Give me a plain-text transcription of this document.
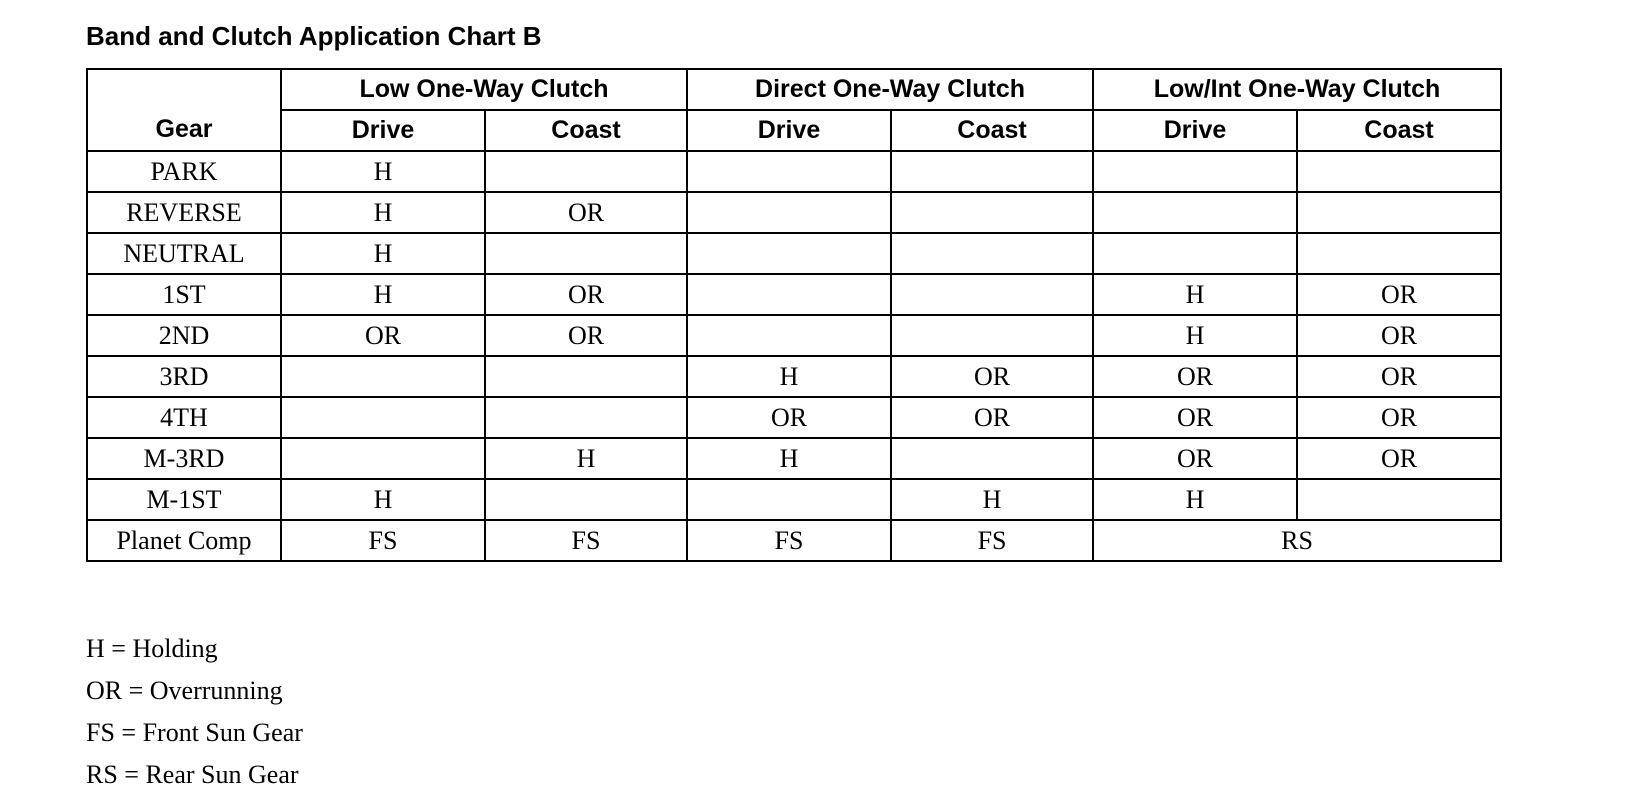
Band and Clutch Application Chart B
Gear	Low One-Way Clutch		Direct One-Way Clutch		Low/Int One-Way Clutch	
	Drive	Coast	Drive	Coast	Drive	Coast
PARK	H					
REVERSE	H	OR				
NEUTRAL	H					
1ST	H	OR			H	OR
2ND	OR	OR			H	OR
3RD			H	OR	OR	OR
4TH			OR	OR	OR	OR
M-3RD		H	H		OR	OR
M-1ST	H			H	H	
Planet Comp	FS	FS	FS	FS	RS	
H = Holding
OR = Overrunning
FS = Front Sun Gear
RS = Rear Sun Gear
